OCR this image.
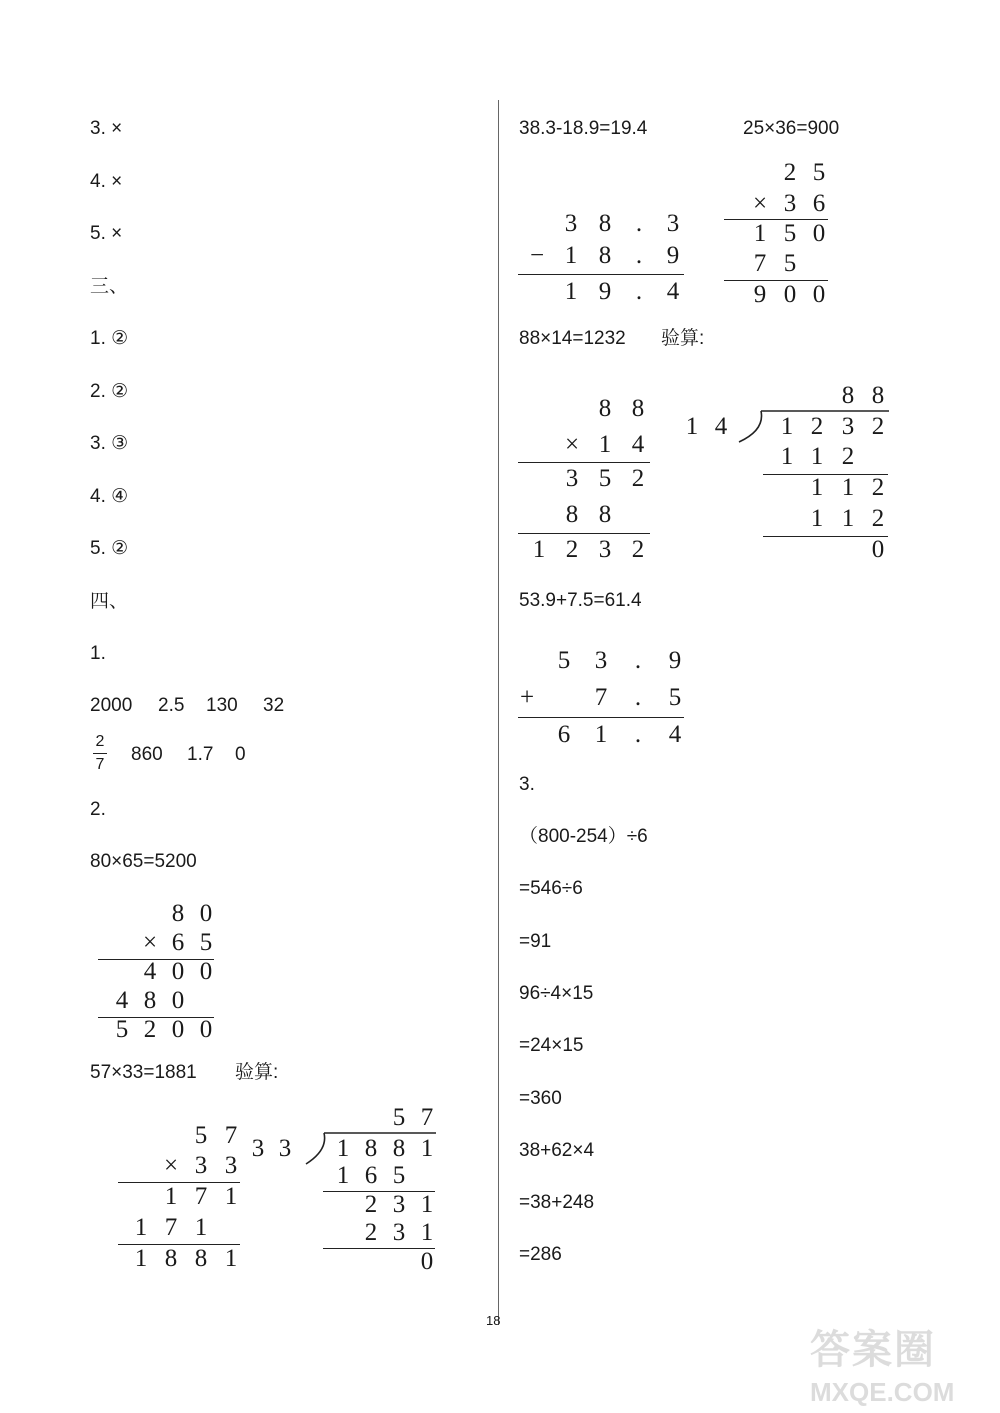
3. ×
4. ×
5. ×
三、
1. ②
2. ②
3. ③
4. ④
5. ②
四、
1.
2000 2.5 130 32
2
7 860 1.7 0
2.
80×65=5200
8 0
× 6 5
4 0 0
4 8 0
5 2 0 0
57×33=1881 验算:
5 7
× 3 3
1 7 1
1 7 1
1 8 8 1
3 3
5 7
1 8 8 1
1 6 5
2 3 1
2 3 1
0
38.3-18.9=19.4	25×36=900
3 8 . 3
− 1 8 . 9
1 9 . 4
2 5
× 3 6
1 5 0
7 5
9 0 0
88×14=1232 验算:
8 8
× 1 4
3 5 2
8 8
1 2 3 2
1 4
8 8
1 2 3 2
1 1 2
1 1 2
1 1 2
0
53.9+7.5=61.4
5 3	.	9
+ 7	.	5
6 1	.	4
3.
（800-254）÷6
=546÷6
=91
96÷4×15
=24×15
=360
38+62×4
=38+248
=286
18
答案圈
MXQE.COM
